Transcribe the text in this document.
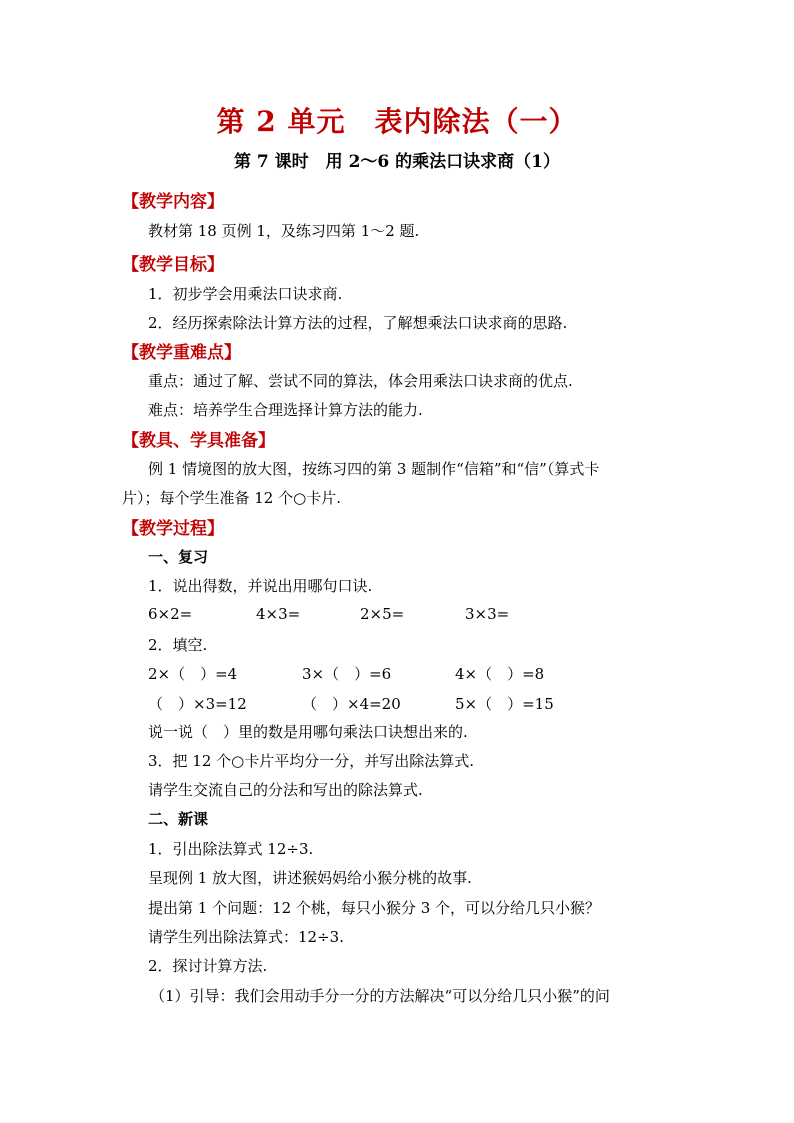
第 2 单元　表内除法（一）
第 7 课时　用 2～6 的乘法口诀求商（1）
【教学内容】
教材第 18 页例 1，及练习四第 1～2 题.
【教学目标】
1．初步学会用乘法口诀求商.
2．经历探索除法计算方法的过程，了解想乘法口诀求商的思路.
【教学重难点】
重点：通过了解、尝试不同的算法，体会用乘法口诀求商的优点.
难点：培养学生合理选择计算方法的能力.
【教具、学具准备】
例 1 情境图的放大图，按练习四的第 3 题制作“信箱”和“信”（算式卡
片）；每个学生准备 12 个○卡片.
【教学过程】
一、复习
1．说出得数，并说出用哪句口诀.
6×2=	4×3=	2×5=	3×3=
2．填空.
2×（　）=4	3×（　）=6	4×（　）=8
（　）×3=12	（　）×4=20	5×（　）=15
说一说（　）里的数是用哪句乘法口诀想出来的.
3．把 12 个○卡片平均分一分，并写出除法算式.
请学生交流自己的分法和写出的除法算式.
二、新课
1．引出除法算式 12÷3.
呈现例 1 放大图，讲述猴妈妈给小猴分桃的故事.
提出第 1 个问题：12 个桃，每只小猴分 3 个，可以分给几只小猴？
请学生列出除法算式：12÷3.
2．探讨计算方法.
（1）引导：我们会用动手分一分的方法解决“可以分给几只小猴”的问
